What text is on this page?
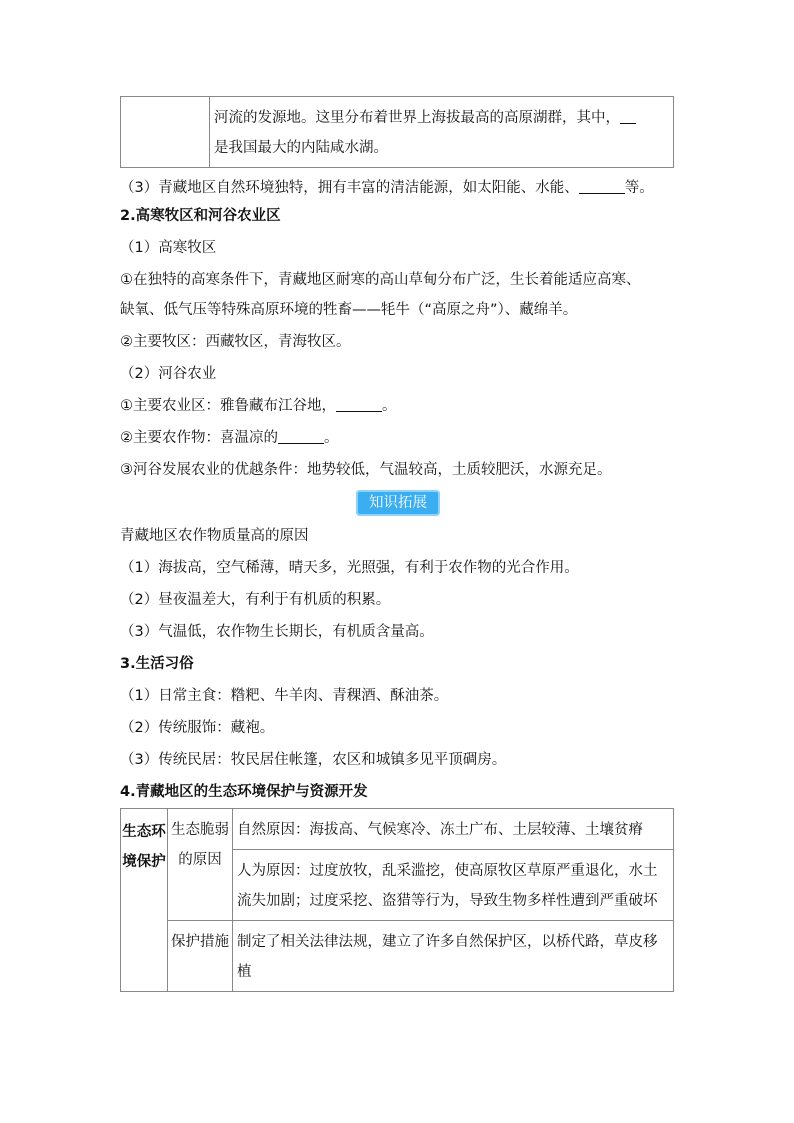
河流的发源地。这里分布着世界上海拔最高的高原湖群，其中，
是我国最大的内陆咸水湖。
（3）青藏地区自然环境独特，拥有丰富的清洁能源，如太阳能、水能、	等。
2.高寒牧区和河谷农业区
（1）高寒牧区
①在独特的高寒条件下，青藏地区耐寒的高山草甸分布广泛，生长着能适应高寒、
缺氧、低气压等特殊高原环境的牲畜——牦牛（“高原之舟”）、藏绵羊。
②主要牧区：西藏牧区，青海牧区。
（2）河谷农业
①主要农业区：雅鲁藏布江谷地，	。
②主要农作物：喜温凉的	。
③河谷发展农业的优越条件：地势较低，气温较高，土质较肥沃，水源充足。
知识拓展
青藏地区农作物质量高的原因
（1）海拔高，空气稀薄，晴天多，光照强，有利于农作物的光合作用。
（2）昼夜温差大，有利于有机质的积累。
（3）气温低，农作物生长期长，有机质含量高。
3.生活习俗
（1）日常主食：糌粑、牛羊肉、青稞酒、酥油茶。
（2）传统服饰：藏袍。
（3）传统民居：牧民居住帐篷，农区和城镇多见平顶碉房。
4.青藏地区的生态环境保护与资源开发
生态环境保护	生态脆弱的原因	自然原因：海拔高、气候寒冷、冻土广布、土层较薄、土壤贫瘠
		人为原因：过度放牧，乱采滥挖，使高原牧区草原严重退化，水土流失加剧；过度采挖、盗猎等行为，导致生物多样性遭到严重破坏
	保护措施	制定了相关法律法规，建立了许多自然保护区，以桥代路，草皮移植
